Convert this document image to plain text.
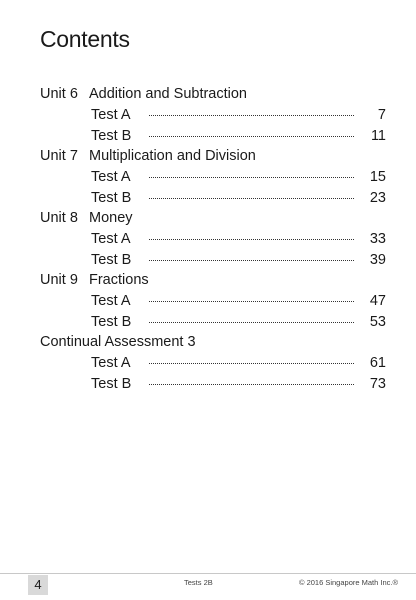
Contents
Unit 6 Addition and Subtraction
Test A	7
Test B	11
Unit 7 Multiplication and Division
Test A	15
Test B	23
Unit 8 Money
Test A	33
Test B	39
Unit 9 Fractions
Test A	47
Test B	53
Continual Assessment 3
Test A	61
Test B	73
4	Tests 2B	© 2016 Singapore Math Inc.®
